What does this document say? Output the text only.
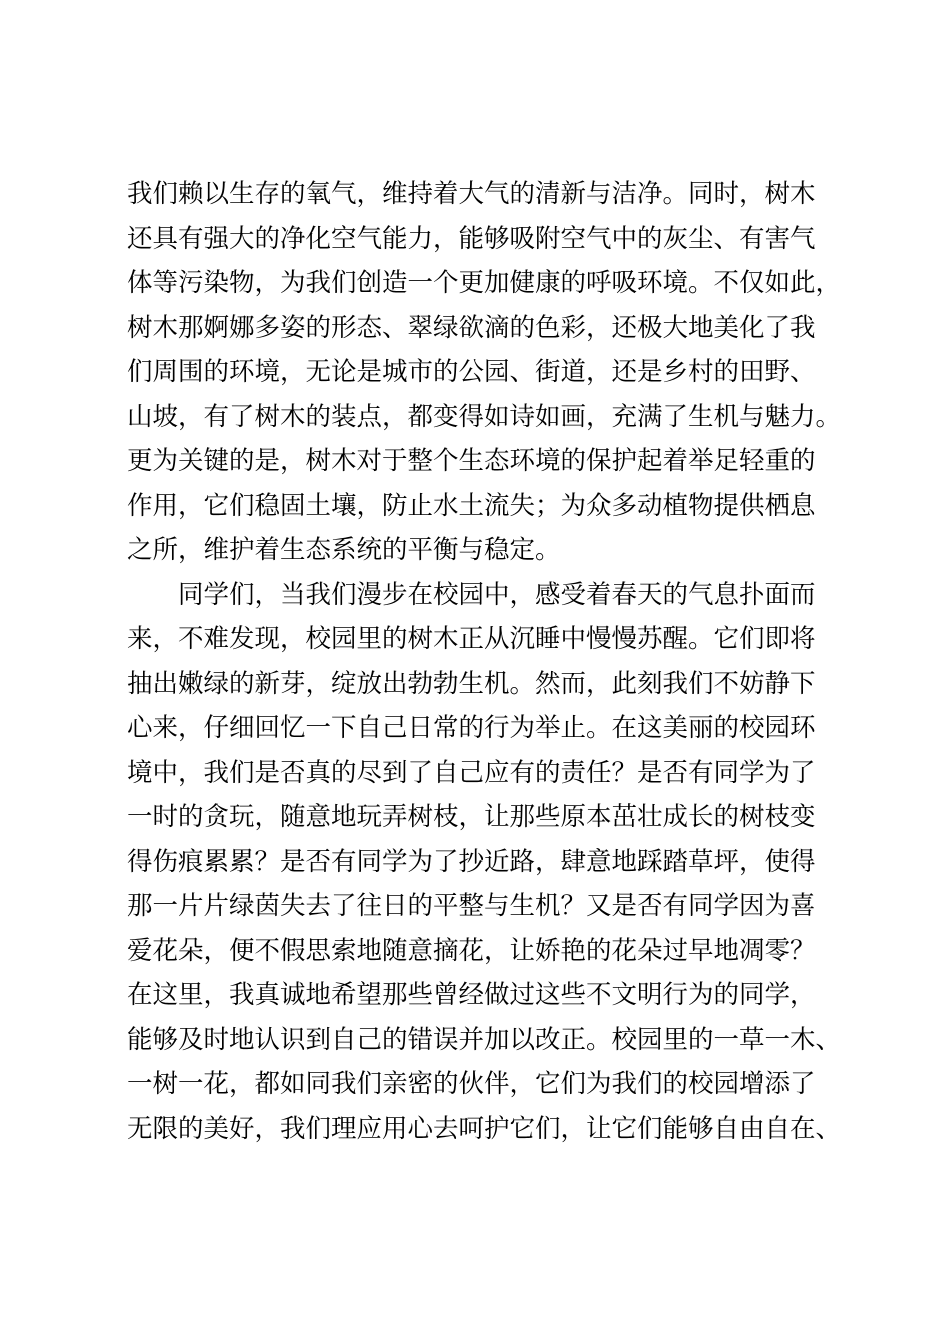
我们赖以生存的氧气，维持着大气的清新与洁净。同时，树木
还具有强大的净化空气能力，能够吸附空气中的灰尘、有害气
体等污染物，为我们创造一个更加健康的呼吸环境。不仅如此，
树木那婀娜多姿的形态、翠绿欲滴的色彩，还极大地美化了我
们周围的环境，无论是城市的公园、街道，还是乡村的田野、
山坡，有了树木的装点，都变得如诗如画，充满了生机与魅力。
更为关键的是，树木对于整个生态环境的保护起着举足轻重的
作用，它们稳固土壤，防止水土流失；为众多动植物提供栖息
之所，维护着生态系统的平衡与稳定。
　　同学们，当我们漫步在校园中，感受着春天的气息扑面而
来，不难发现，校园里的树木正从沉睡中慢慢苏醒。它们即将
抽出嫩绿的新芽，绽放出勃勃生机。然而，此刻我们不妨静下
心来，仔细回忆一下自己日常的行为举止。在这美丽的校园环
境中，我们是否真的尽到了自己应有的责任？是否有同学为了
一时的贪玩，随意地玩弄树枝，让那些原本茁壮成长的树枝变
得伤痕累累？是否有同学为了抄近路，肆意地踩踏草坪，使得
那一片片绿茵失去了往日的平整与生机？又是否有同学因为喜
爱花朵，便不假思索地随意摘花，让娇艳的花朵过早地凋零？
在这里，我真诚地希望那些曾经做过这些不文明行为的同学，
能够及时地认识到自己的错误并加以改正。校园里的一草一木、
一树一花，都如同我们亲密的伙伴，它们为我们的校园增添了
无限的美好，我们理应用心去呵护它们，让它们能够自由自在、
